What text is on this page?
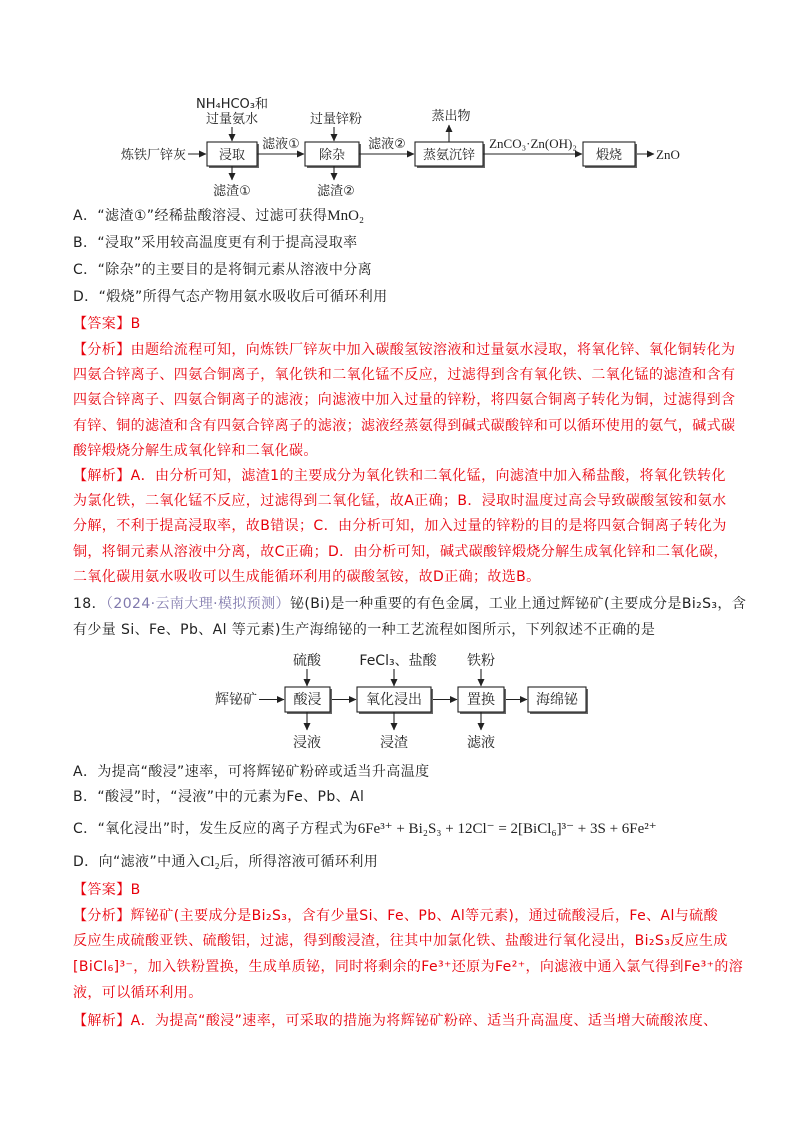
NH₄HCO₃和
过量氨水
炼铁厂锌灰	浸取
滤渣①
滤液①
过量锌粉
除杂
滤渣②
滤液②
蒸出物
蒸氨沉锌
ZnCO₃·Zn(OH)₂
煅烧	ZnO
A．“滤渣①”经稀盐酸溶浸、过滤可获得MnO₂
B．“浸取”采用较高温度更有利于提高浸取率
C．“除杂”的主要目的是将铜元素从溶液中分离
D．“煅烧”所得气态产物用氨水吸收后可循环利用
【答案】B
【分析】由题给流程可知，向炼铁厂锌灰中加入碳酸氢铵溶液和过量氨水浸取，将氧化锌、氧化铜转化为
四氨合锌离子、四氨合铜离子，氧化铁和二氧化锰不反应，过滤得到含有氧化铁、二氧化锰的滤渣和含有
四氨合锌离子、四氨合铜离子的滤液；向滤液中加入过量的锌粉，将四氨合铜离子转化为铜，过滤得到含
有锌、铜的滤渣和含有四氨合锌离子的滤液；滤液经蒸氨得到碱式碳酸锌和可以循环使用的氨气，碱式碳
酸锌煅烧分解生成氧化锌和二氧化碳。
【解析】A．由分析可知，滤渣1的主要成分为氧化铁和二氧化锰，向滤渣中加入稀盐酸，将氧化铁转化
为氯化铁，二氧化锰不反应，过滤得到二氧化锰，故A正确；B．浸取时温度过高会导致碳酸氢铵和氨水
分解，不利于提高浸取率，故B错误；C．由分析可知，加入过量的锌粉的目的是将四氨合铜离子转化为
铜，将铜元素从溶液中分离，故C正确；D．由分析可知，碱式碳酸锌煅烧分解生成氧化锌和二氧化碳，
二氧化碳用氨水吸收可以生成能循环利用的碳酸氢铵，故D正确；故选B。
18．（2024·云南大理·模拟预测）铋(Bi)是一种重要的有色金属，工业上通过辉铋矿(主要成分是Bi₂S₃，含
有少量 Si、Fe、Pb、Al 等元素)生产海绵铋的一种工艺流程如图所示，下列叙述不正确的是
辉铋矿
硫酸
酸浸
浸液
FeCl₃、盐酸
氧化浸出
浸渣
铁粉
置换
滤液
海绵铋
A．为提高“酸浸”速率，可将辉铋矿粉碎或适当升高温度
B．“酸浸”时，“浸液”中的元素为Fe、Pb、Al
C．“氧化浸出”时，发生反应的离子方程式为6Fe³⁺ + Bi₂S₃ + 12Cl⁻ = 2[BiCl₆]³⁻ + 3S + 6Fe²⁺
D．向“滤液”中通入Cl₂后，所得溶液可循环利用
【答案】B
【分析】辉铋矿(主要成分是Bi₂S₃，含有少量Si、Fe、Pb、Al等元素)，通过硫酸浸后，Fe、Al与硫酸
反应生成硫酸亚铁、硫酸铝，过滤，得到酸浸渣，往其中加氯化铁、盐酸进行氧化浸出，Bi₂S₃反应生成
[BiCl₆]³⁻，加入铁粉置换，生成单质铋，同时将剩余的Fe³⁺还原为Fe²⁺，向滤液中通入氯气得到Fe³⁺的溶
液，可以循环利用。
【解析】A．为提高“酸浸”速率，可采取的措施为将辉铋矿粉碎、适当升高温度、适当增大硫酸浓度、
